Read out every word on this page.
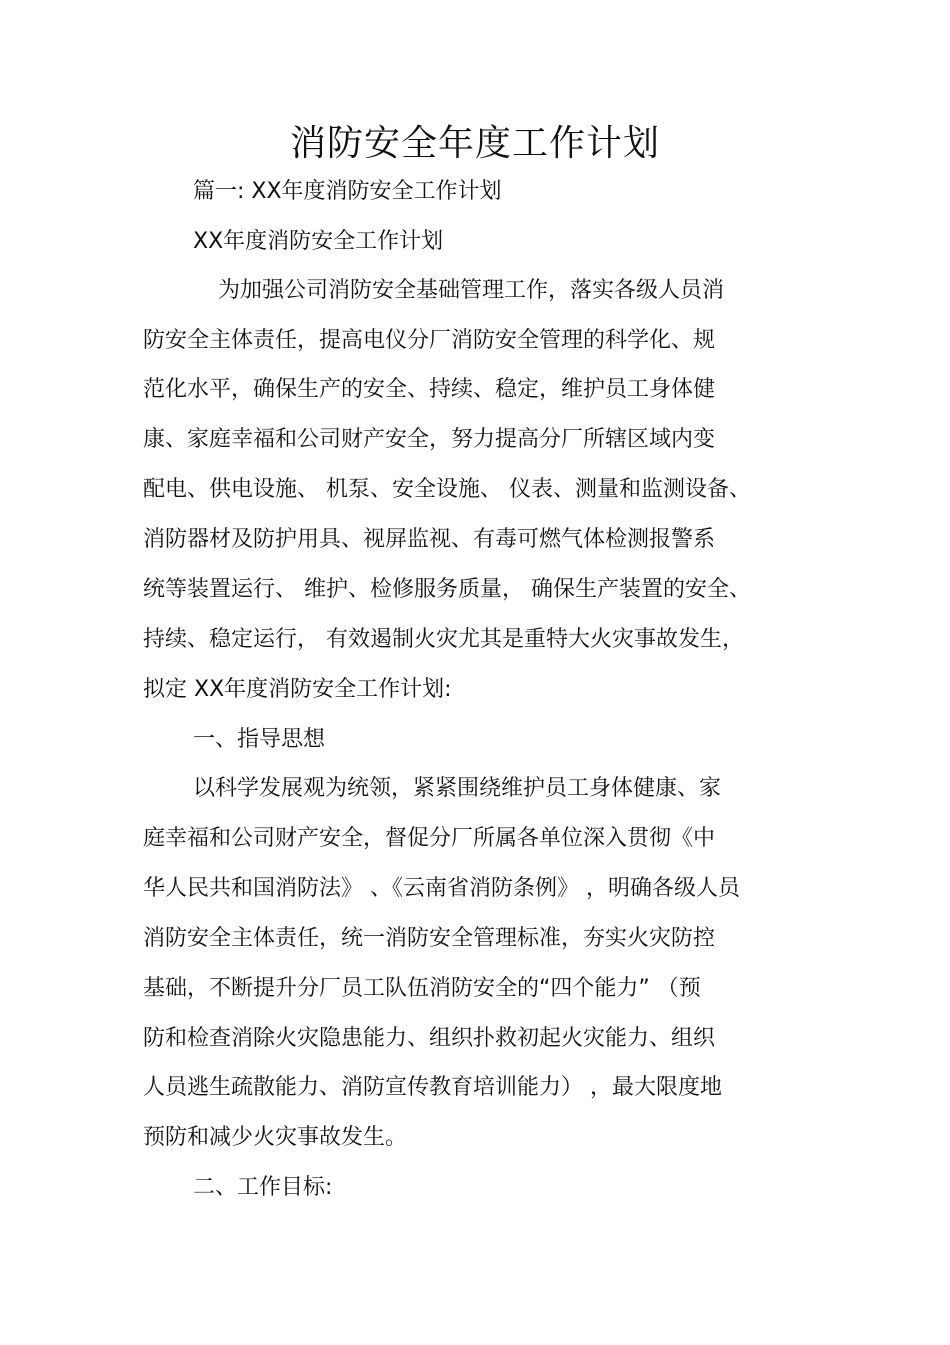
消防安全年度工作计划
篇一: XX年度消防安全工作计划
XX年度消防安全工作计划
为加强公司消防安全基础管理工作，落实各级人员消
防安全主体责任，提高电仪分厂消防安全管理的科学化、规
范化水平，确保生产的安全、持续、稳定，维护员工身体健
康、家庭幸福和公司财产安全，努力提高分厂所辖区域内变
配电、供电设施、 机泵、安全设施、 仪表、测量和监测设备、
消防器材及防护用具、视屏监视、有毒可燃气体检测报警系
统等装置运行、 维护、检修服务质量， 确保生产装置的安全、
持续、稳定运行， 有效遏制火灾尤其是重特大火灾事故发生，
拟定 XX年度消防安全工作计划:
一、指导思想
以科学发展观为统领，紧紧围绕维护员工身体健康、家
庭幸福和公司财产安全，督促分厂所属各单位深入贯彻《中
华人民共和国消防法》 、《云南省消防条例》 ，明确各级人员
消防安全主体责任，统一消防安全管理标准，夯实火灾防控
基础，不断提升分厂员工队伍消防安全的“四个能力” （预
防和检查消除火灾隐患能力、组织扑救初起火灾能力、组织
人员逃生疏散能力、消防宣传教育培训能力） ，最大限度地
预防和减少火灾事故发生。
二、工作目标:
